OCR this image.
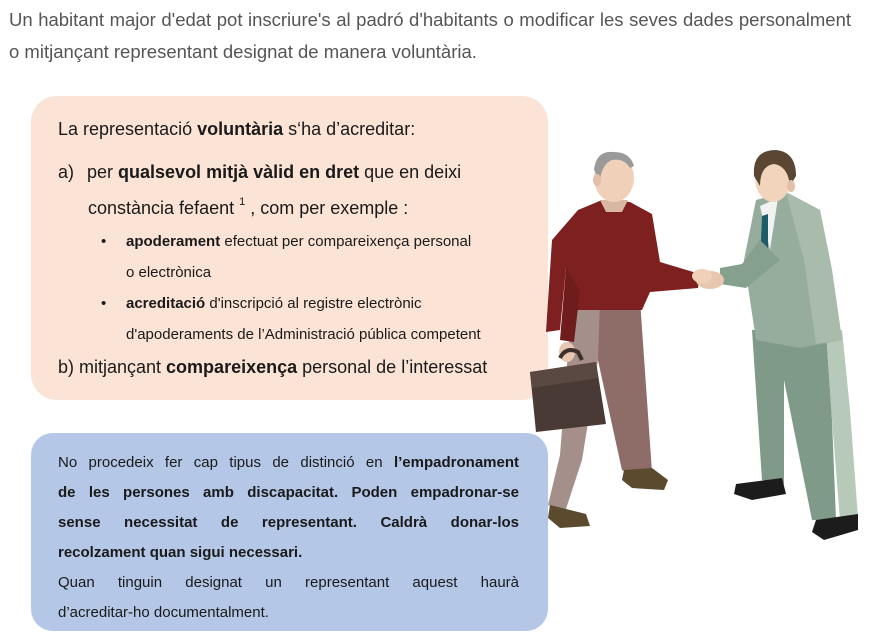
Un habitant major d'edat pot inscriure's al padró d'habitants o modificar les seves dades personalment o mitjançant representant designat de manera voluntària.
La representació voluntària s‘ha d’acreditar:
a) per qualsevol mitjà vàlid en dret que en deixi
constància fefaent $^1$ , com per exemple :
• apoderament efectuat per compareixença personal
o electrònica
• acreditació d'inscripció al registre electrònic
d'apoderaments de l’Administració pública competent
b) mitjançant compareixença personal de l’interessat

No procedeix fer cap tipus de distinció en l’empadronament

de les persones amb discapacitat. Poden empadronar-se

sense necessitat de representant. Caldrà donar-los

recolzament quan sigui necessari.

Quan tinguin designat un representant aquest haurà

d’acreditar-ho documentalment.
